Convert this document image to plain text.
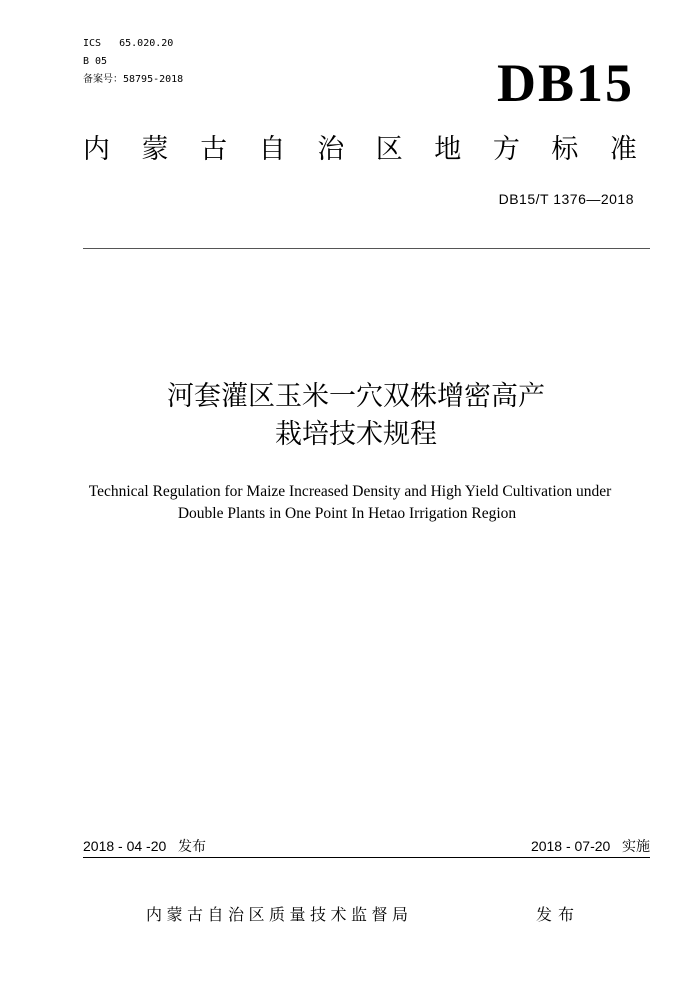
ICS   65.020.20
B 05
备案号：58795-2018	DB15
内 蒙 古 自 治 区 地 方 标 准
DB15/T 1376—2018
河套灌区玉米一穴双株增密高产
栽培技术规程
Technical Regulation for Maize Increased Density and High Yield Cultivation under
Double Plants in One Point In Hetao Irrigation Region
2018 - 04 -20   发布	2018 - 07-20   实施
内蒙古自治区质量技术监督局	发布
